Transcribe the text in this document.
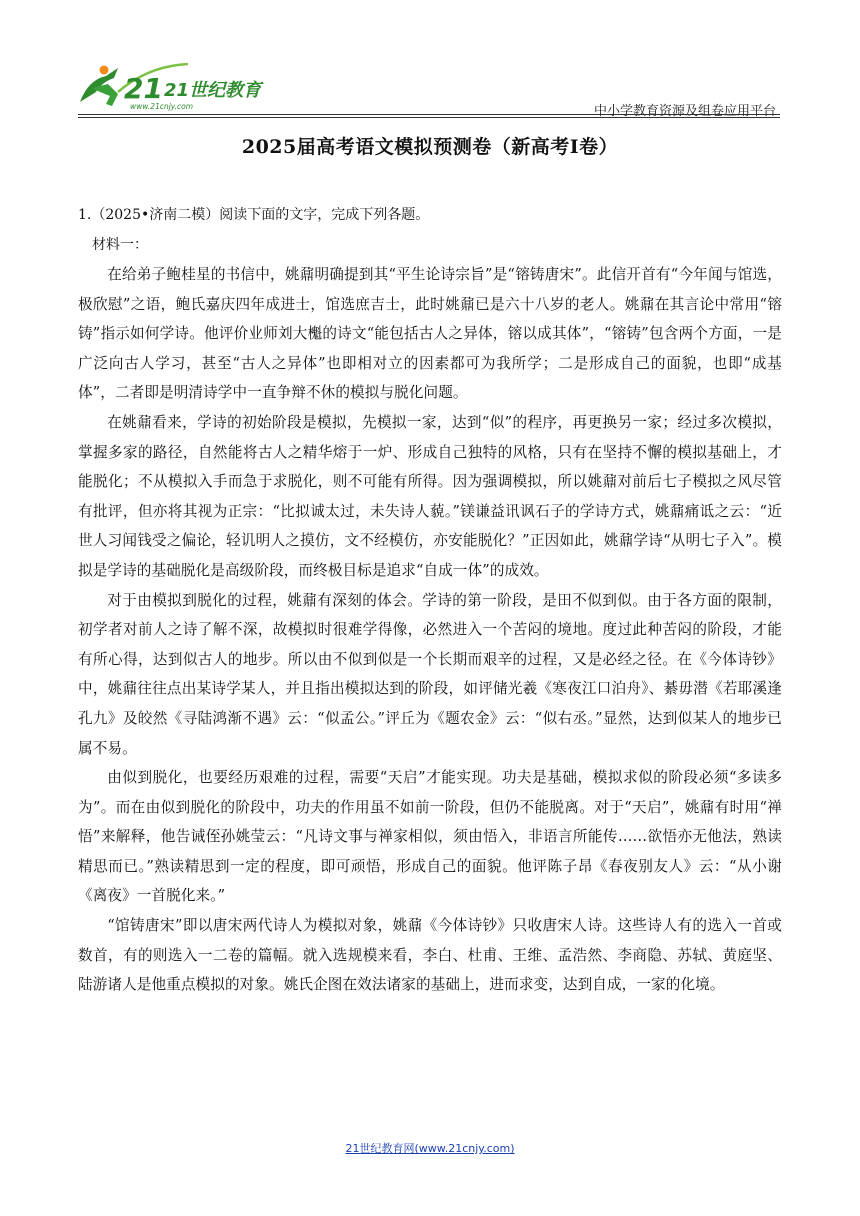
21 21世纪教育
www.21cnjy.com	中小学教育资源及组卷应用平台
2025届高考语文模拟预测卷（新高考Ⅰ卷）

1.（2025•济南二模）阅读下面的文字，完成下列各题。

材料一：

在给弟子鲍桂星的书信中，姚鼐明确提到其“平生论诗宗旨”是“镕铸唐宋”。此信开首有“今年闻与馆选，极欣慰”之语，鲍氏嘉庆四年成进士，馆选庶吉士，此时姚鼐已是六十八岁的老人。姚鼐在其言论中常用“镕铸”指示如何学诗。他评价业师刘大櫆的诗文“能包括古人之异体，镕以成其体”，“镕铸”包含两个方面，一是广泛向古人学习，甚至“古人之异体”也即相对立的因素都可为我所学；二是形成自己的面貌，也即“成基体”，二者即是明清诗学中一直争辩不休的模拟与脱化问题。

在姚鼐看来，学诗的初始阶段是模拟，先模拟一家，达到“似”的程序，再更换另一家；经过多次模拟，掌握多家的路径，自然能将古人之精华熔于一炉、形成自己独特的风格，只有在坚持不懈的模拟基础上，才能脱化；不从模拟入手而急于求脱化，则不可能有所得。因为强调模拟，所以姚鼐对前后七子模拟之风尽管有批评，但亦将其视为正宗：“比拟诚太过，未失诗人藐。”镁谦益讯讽石子的学诗方式，姚鼐痛诋之云：“近世人习闻钱受之偏论，轻讥明人之摸仿，文不经模仿，亦安能脱化？”正因如此，姚鼐学诗“从明七子入”。模拟是学诗的基础脱化是高级阶段，而终极目标是追求“自成一体”的成效。

对于由模拟到脱化的过程，姚鼐有深刻的体会。学诗的第一阶段，是田不似到似。由于各方面的限制，初学者对前人之诗了解不深，故模拟时很难学得像，必然进入一个苦闷的境地。度过此种苦闷的阶段，才能有所心得，达到似古人的地步。所以由不似到似是一个长期而艰辛的过程，又是必经之径。在《今体诗钞》中，姚鼐往往点出某诗学某人，并且指出模拟达到的阶段，如评储光羲《寒夜江口泊舟》、綦毋潜《若耶溪逢孔九》及皎然《寻陆鸿渐不遇》云：“似孟公。”评丘为《题农金》云：“似右丞。”显然，达到似某人的地步已属不易。

由似到脱化，也要经历艰难的过程，需要“天启”才能实现。功夫是基础，模拟求似的阶段必须“多读多为”。而在由似到脱化的阶段中，功夫的作用虽不如前一阶段，但仍不能脱离。对于“天启”，姚鼐有时用“禅悟”来解释，他告诫侄孙姚莹云：“凡诗文事与禅家相似，须由悟入，非语言所能传……欲悟亦无他法，熟读精思而已。”熟读精思到一定的程度，即可顽悟，形成自己的面貌。他评陈子昂《春夜别友人》云：“从小谢《离夜》一首脱化来。”

“馆铸唐宋”即以唐宋两代诗人为模拟对象，姚鼐《今体诗钞》只收唐宋人诗。这些诗人有的选入一首或数首，有的则选入一二卷的篇幅。就入选规模来看，李白、杜甫、王维、孟浩然、李商隐、苏轼、黄庭坚、陆游诸人是他重点模拟的对象。姚氏企图在效法诸家的基础上，进而求变，达到自成，一家的化境。

21世纪教育网(www.21cnjy.com)
